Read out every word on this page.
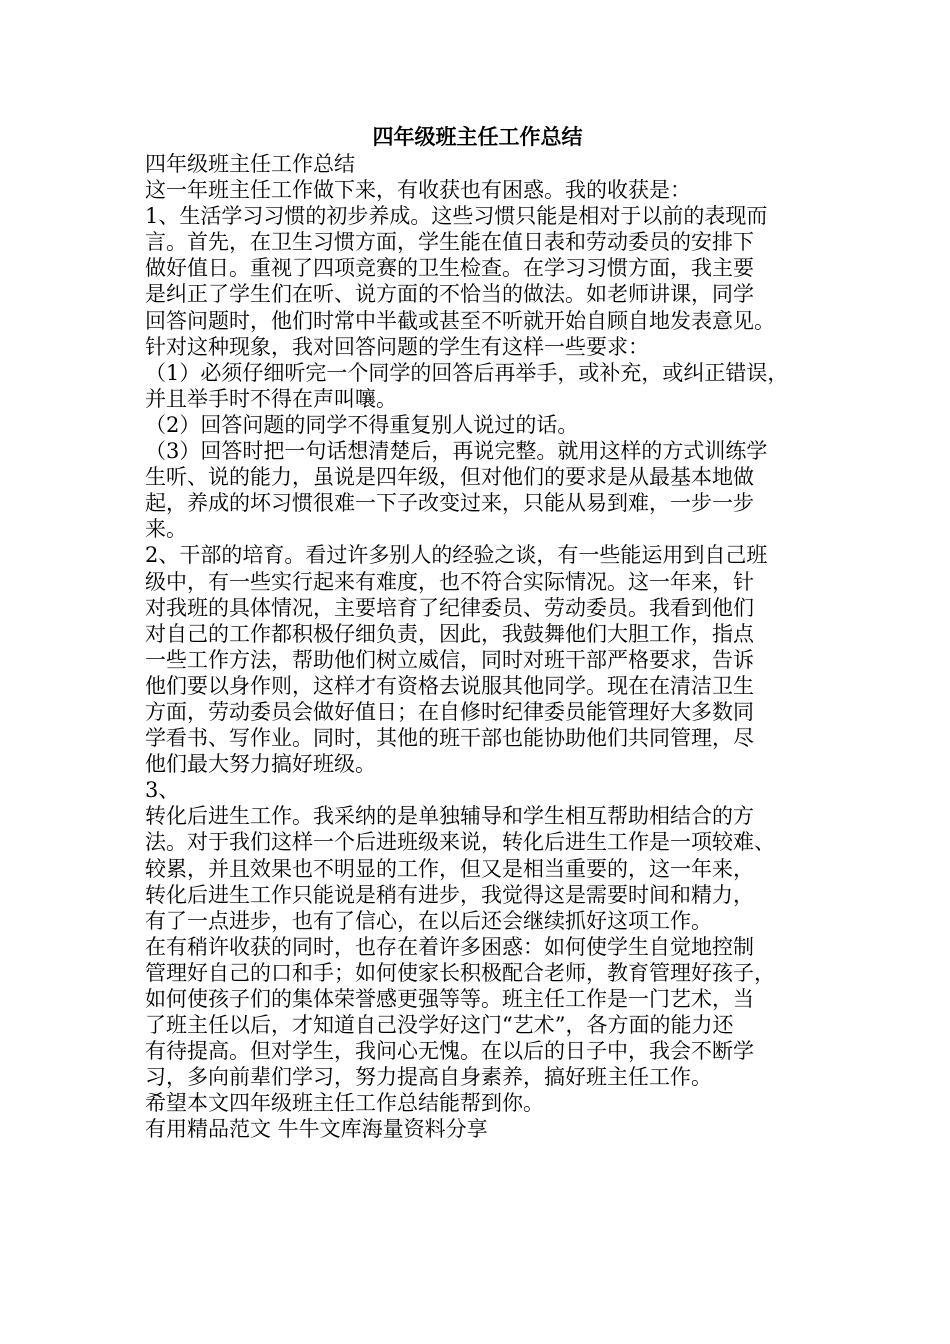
四年级班主任工作总结
四年级班主任工作总结
这一年班主任工作做下来，有收获也有困惑。我的收获是：
1、生活学习习惯的初步养成。这些习惯只能是相对于以前的表现而
言。首先，在卫生习惯方面，学生能在值日表和劳动委员的安排下
做好值日。重视了四项竞赛的卫生检查。在学习习惯方面，我主要
是纠正了学生们在听、说方面的不恰当的做法。如老师讲课，同学
回答问题时，他们时常中半截或甚至不听就开始自顾自地发表意见。
针对这种现象，我对回答问题的学生有这样一些要求：
（1）必须仔细听完一个同学的回答后再举手，或补充，或纠正错误，
并且举手时不得在声叫嚷。
（2）回答问题的同学不得重复别人说过的话。
（3）回答时把一句话想清楚后，再说完整。就用这样的方式训练学
生听、说的能力，虽说是四年级，但对他们的要求是从最基本地做
起，养成的坏习惯很难一下子改变过来，只能从易到难，一步一步
来。
2、干部的培育。看过许多别人的经验之谈，有一些能运用到自己班
级中，有一些实行起来有难度，也不符合实际情况。这一年来，针
对我班的具体情况，主要培育了纪律委员、劳动委员。我看到他们
对自己的工作都积极仔细负责，因此，我鼓舞他们大胆工作，指点
一些工作方法，帮助他们树立威信，同时对班干部严格要求，告诉
他们要以身作则，这样才有资格去说服其他同学。现在在清洁卫生
方面，劳动委员会做好值日；在自修时纪律委员能管理好大多数同
学看书、写作业。同时，其他的班干部也能协助他们共同管理，尽
他们最大努力搞好班级。
3、
转化后进生工作。我采纳的是单独辅导和学生相互帮助相结合的方
法。对于我们这样一个后进班级来说，转化后进生工作是一项较难、
较累，并且效果也不明显的工作，但又是相当重要的，这一年来，
转化后进生工作只能说是稍有进步，我觉得这是需要时间和精力，
有了一点进步，也有了信心，在以后还会继续抓好这项工作。
在有稍许收获的同时，也存在着许多困惑：如何使学生自觉地控制
管理好自己的口和手；如何使家长积极配合老师，教育管理好孩子，
如何使孩子们的集体荣誉感更强等等。班主任工作是一门艺术，当
了班主任以后，才知道自己没学好这门“艺术”，各方面的能力还
有待提高。但对学生，我问心无愧。在以后的日子中，我会不断学
习，多向前辈们学习，努力提高自身素养，搞好班主任工作。
希望本文四年级班主任工作总结能帮到你。
有用精品范文 牛牛文库海量资料分享
